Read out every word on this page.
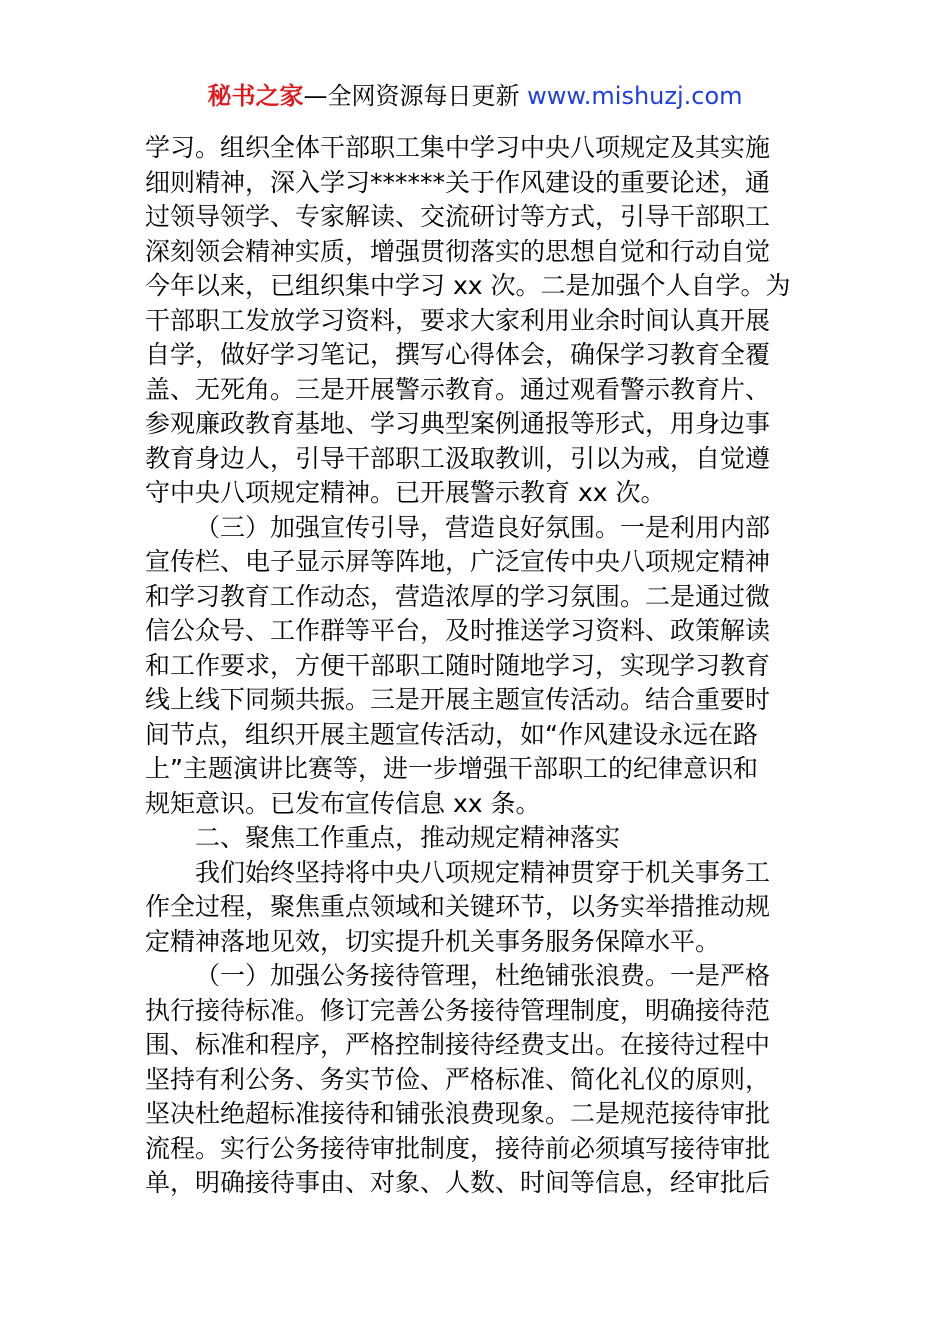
秘书之家—全网资源每日更新 www.mishuzj.com
学习。组织全体干部职工集中学习中央八项规定及其实施
细则精神，深入学习******关于作风建设的重要论述，通
过领导领学、专家解读、交流研讨等方式，引导干部职工
深刻领会精神实质，增强贯彻落实的思想自觉和行动自觉
今年以来，已组织集中学习 xx 次。二是加强个人自学。为
干部职工发放学习资料，要求大家利用业余时间认真开展
自学，做好学习笔记，撰写心得体会，确保学习教育全覆
盖、无死角。三是开展警示教育。通过观看警示教育片、
参观廉政教育基地、学习典型案例通报等形式，用身边事
教育身边人，引导干部职工汲取教训，引以为戒，自觉遵
守中央八项规定精神。已开展警示教育 xx 次。
（三）加强宣传引导，营造良好氛围。一是利用内部
宣传栏、电子显示屏等阵地，广泛宣传中央八项规定精神
和学习教育工作动态，营造浓厚的学习氛围。二是通过微
信公众号、工作群等平台，及时推送学习资料、政策解读
和工作要求，方便干部职工随时随地学习，实现学习教育
线上线下同频共振。三是开展主题宣传活动。结合重要时
间节点，组织开展主题宣传活动，如“作风建设永远在路
上”主题演讲比赛等，进一步增强干部职工的纪律意识和
规矩意识。已发布宣传信息 xx 条。
二、聚焦工作重点，推动规定精神落实
我们始终坚持将中央八项规定精神贯穿于机关事务工
作全过程，聚焦重点领域和关键环节，以务实举措推动规
定精神落地见效，切实提升机关事务服务保障水平。
（一）加强公务接待管理，杜绝铺张浪费。一是严格
执行接待标准。修订完善公务接待管理制度，明确接待范
围、标准和程序，严格控制接待经费支出。在接待过程中
坚持有利公务、务实节俭、严格标准、简化礼仪的原则，
坚决杜绝超标准接待和铺张浪费现象。二是规范接待审批
流程。实行公务接待审批制度，接待前必须填写接待审批
单，明确接待事由、对象、人数、时间等信息，经审批后
